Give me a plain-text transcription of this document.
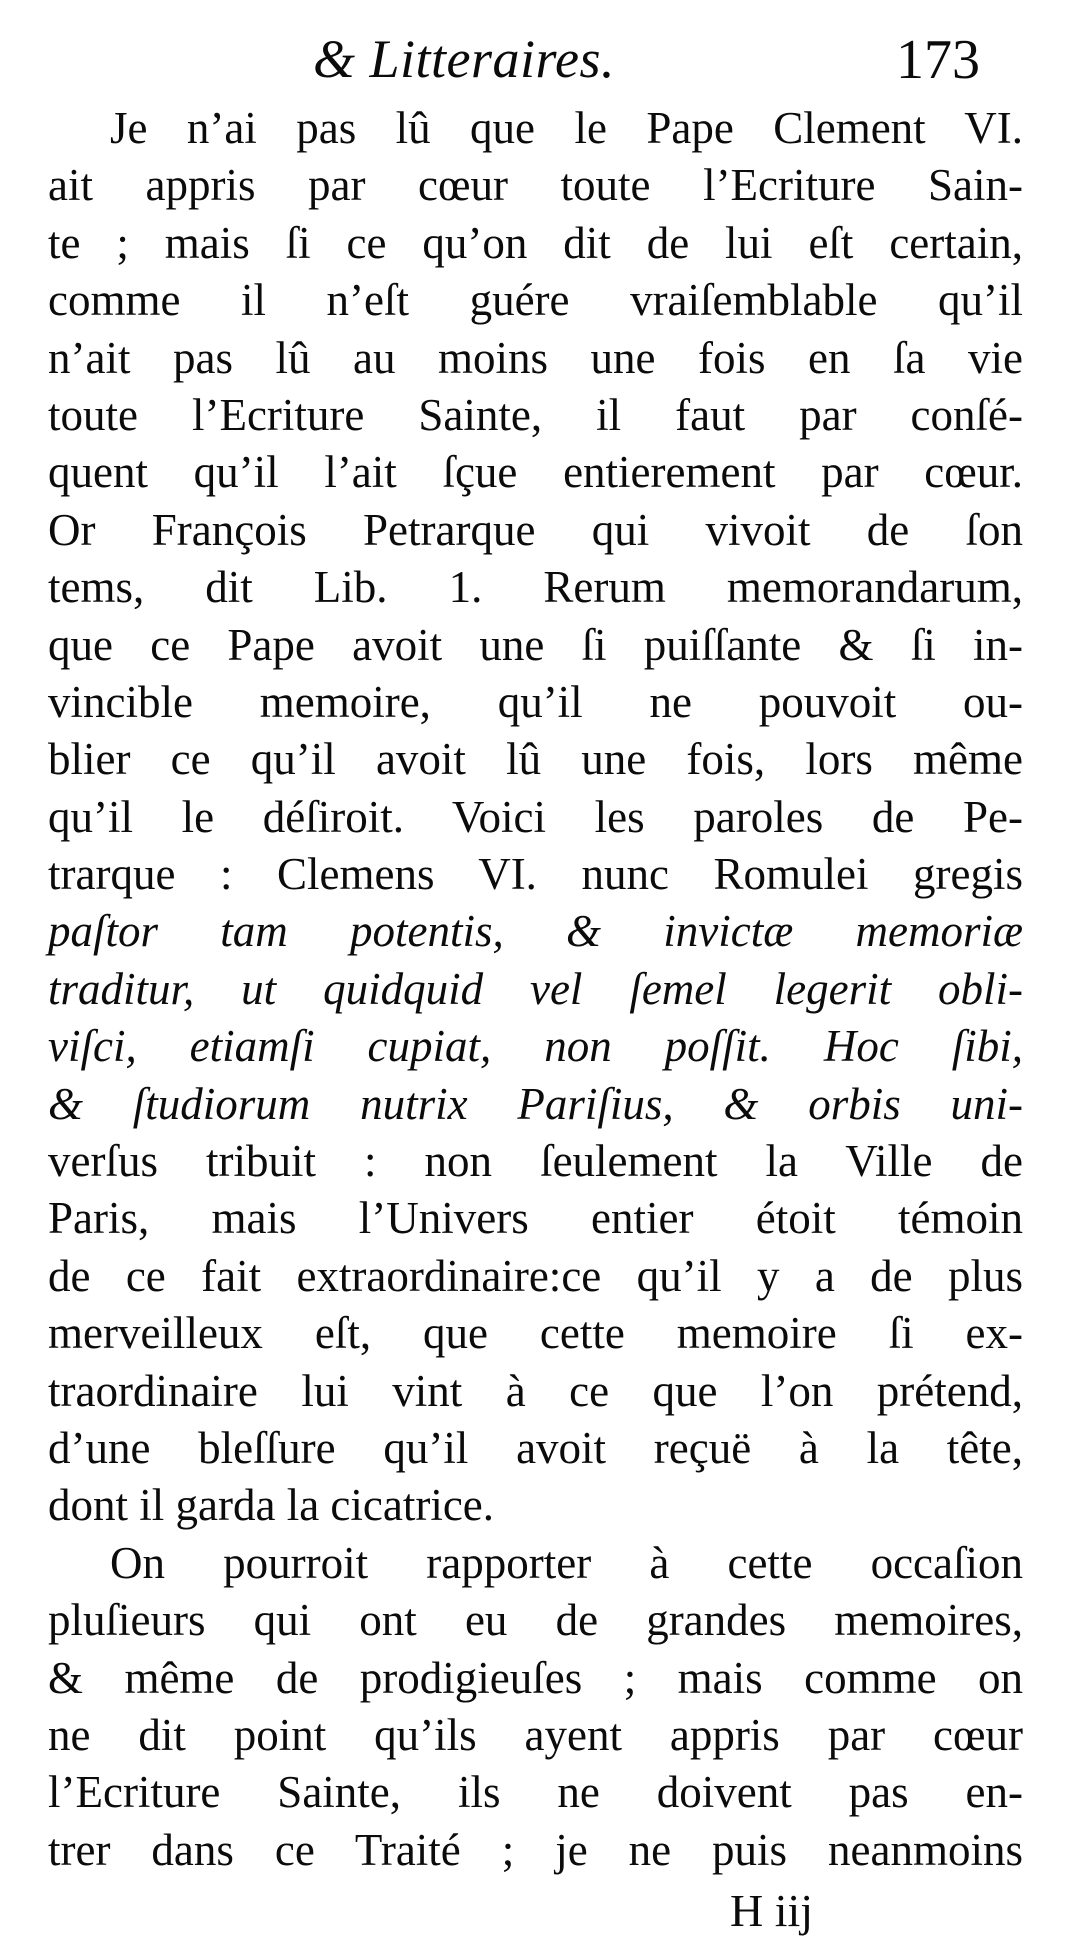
& Litteraires.	173
Je n’ai pas lû que le Pape Clement VI.
ait appris par cœur toute l’Ecriture Sain-
te ; mais ſi ce qu’on dit de lui eſt certain,
comme il n’eſt guére vraiſemblable qu’il
n’ait pas lû au moins une fois en ſa vie
toute l’Ecriture Sainte, il faut par conſé-
quent qu’il l’ait ſçue entierement par cœur.
Or François Petrarque qui vivoit de ſon
tems, dit Lib. 1. Rerum memorandarum,
que ce Pape avoit une ſi puiſſante & ſi in-
vincible memoire, qu’il ne pouvoit ou-
blier ce qu’il avoit lû une fois, lors même
qu’il le déſiroit. Voici les paroles de Pe-
trarque : Clemens VI. nunc Romulei gregis
paſtor tam potentis, & invictæ memoriæ
traditur, ut quidquid vel ſemel legerit obli-
viſci, etiamſi cupiat, non poſſit. Hoc ſibi,
& ſtudiorum nutrix Pariſius, & orbis uni-
verſus tribuit : non ſeulement la Ville de
Paris, mais l’Univers entier étoit témoin
de ce fait extraordinaire:ce qu’il y a de plus
merveilleux eſt, que cette memoire ſi ex-
traordinaire lui vint à ce que l’on prétend,
d’une bleſſure qu’il avoit reçuë à la tête,
dont il garda la cicatrice.
On pourroit rapporter à cette occaſion
pluſieurs qui ont eu de grandes memoires,
& même de prodigieuſes ; mais comme on
ne dit point qu’ils ayent appris par cœur
l’Ecriture Sainte, ils ne doivent pas en-
trer dans ce Traité ; je ne puis neanmoins
H iij
